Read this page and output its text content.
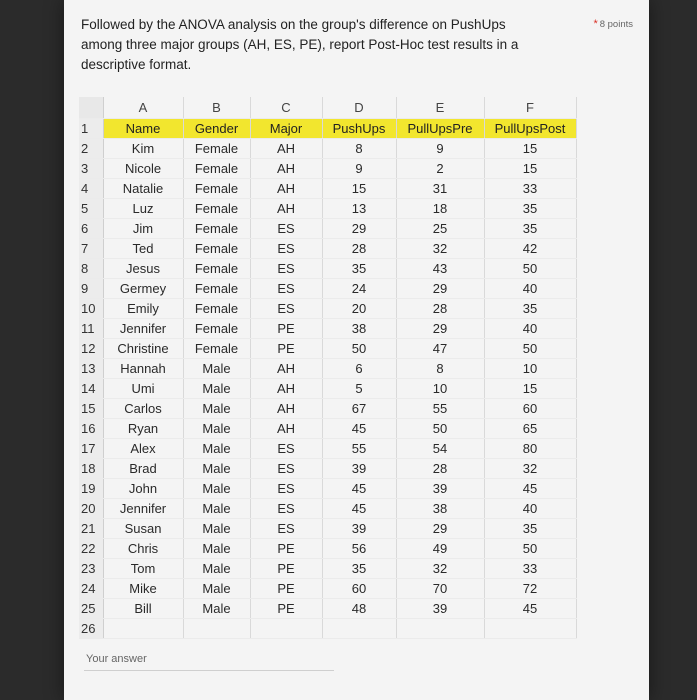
Followed by the ANOVA analysis on the group's difference on PushUps among three major groups (AH, ES, PE), report Post-Hoc test results in a descriptive format.
* 8 points
	A	B	C	D	E	F
1	Name	Gender	Major	PushUps	PullUpsPre	PullUpsPost
2	Kim	Female	AH	8	9	15
3	Nicole	Female	AH	9	2	15
4	Natalie	Female	AH	15	31	33
5	Luz	Female	AH	13	18	35
6	Jim	Female	ES	29	25	35
7	Ted	Female	ES	28	32	42
8	Jesus	Female	ES	35	43	50
9	Germey	Female	ES	24	29	40
10	Emily	Female	ES	20	28	35
11	Jennifer	Female	PE	38	29	40
12	Christine	Female	PE	50	47	50
13	Hannah	Male	AH	6	8	10
14	Umi	Male	AH	5	10	15
15	Carlos	Male	AH	67	55	60
16	Ryan	Male	AH	45	50	65
17	Alex	Male	ES	55	54	80
18	Brad	Male	ES	39	28	32
19	John	Male	ES	45	39	45
20	Jennifer	Male	ES	45	38	40
21	Susan	Male	ES	39	29	35
22	Chris	Male	PE	56	49	50
23	Tom	Male	PE	35	32	33
24	Mike	Male	PE	60	70	72
25	Bill	Male	PE	48	39	45
26						
Your answer
